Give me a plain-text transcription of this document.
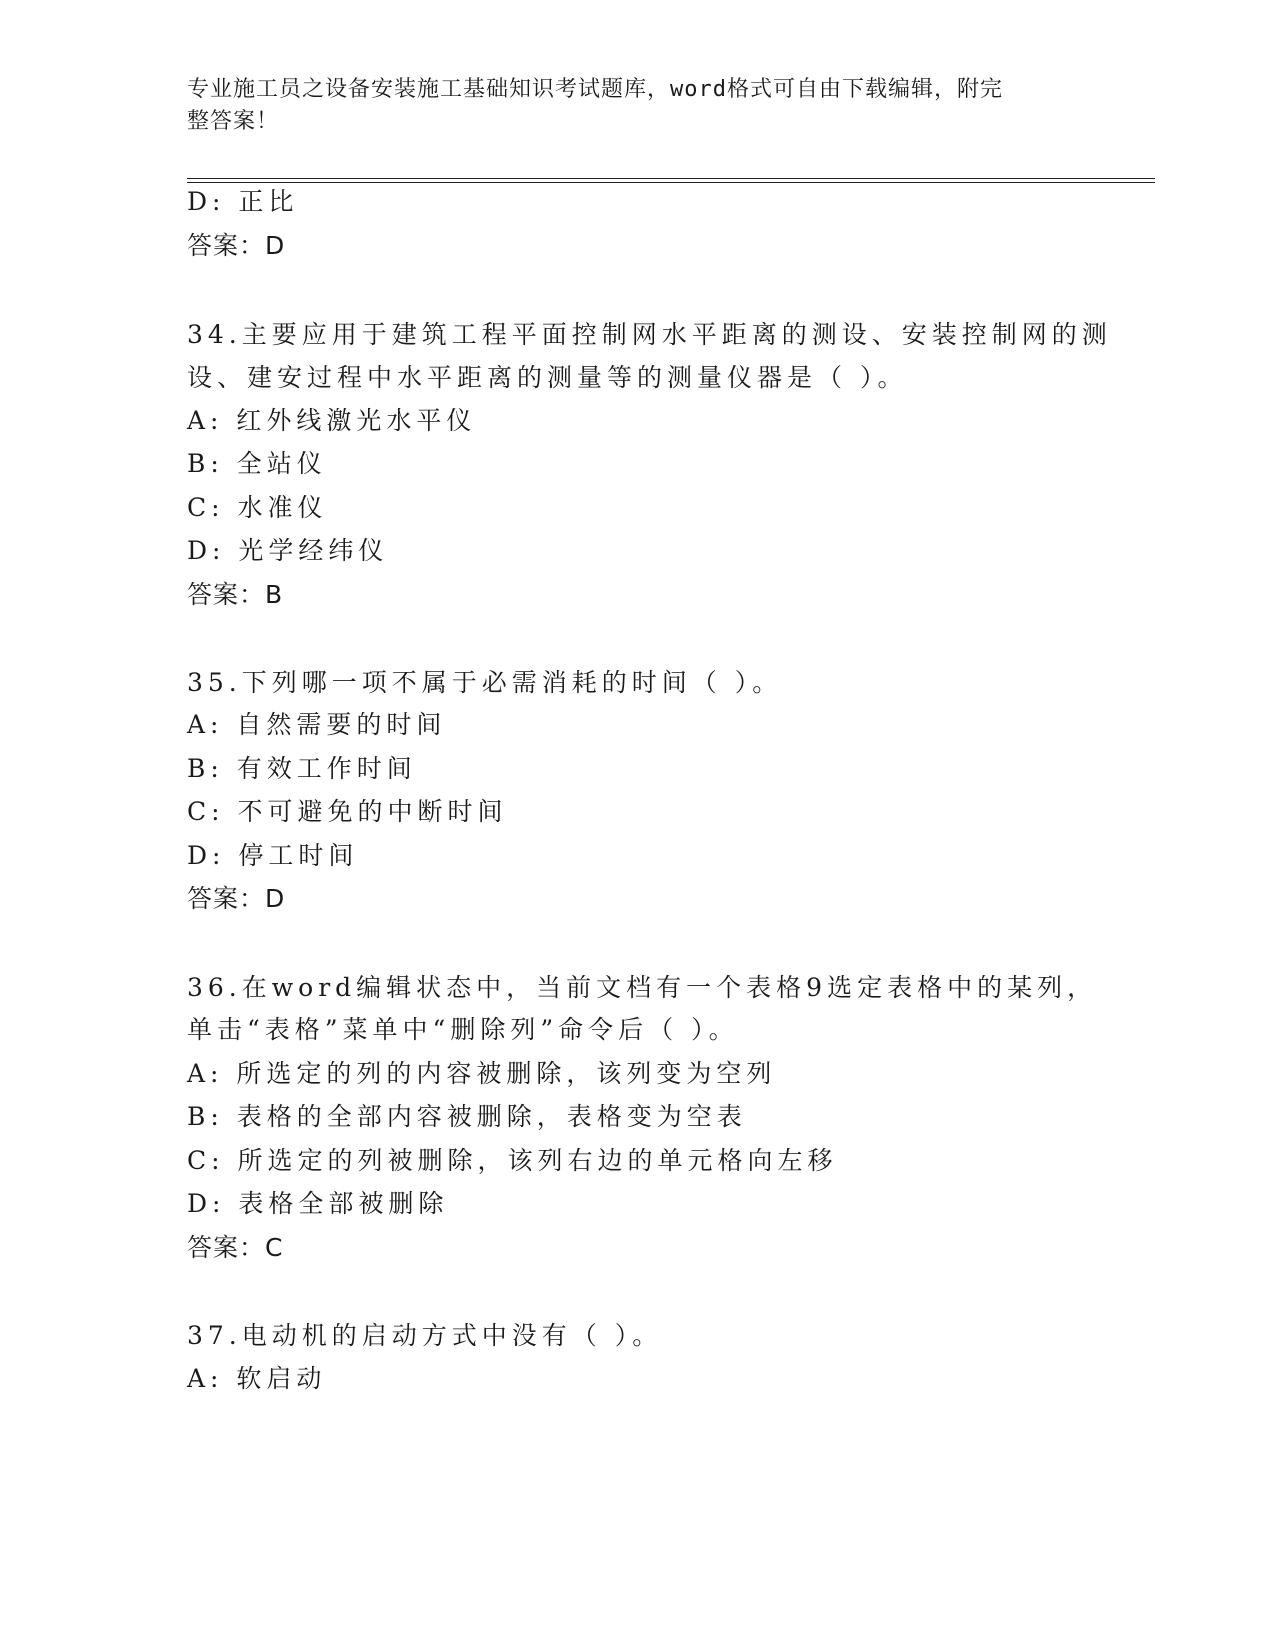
专业施工员之设备安装施工基础知识考试题库，word格式可自由下载编辑，附完
整答案！
D: 正比
答案：D
34.主要应用于建筑工程平面控制网水平距离的测设、安装控制网的测
设、建安过程中水平距离的测量等的测量仪器是（ ）。
A: 红外线激光水平仪
B: 全站仪
C: 水准仪
D: 光学经纬仪
答案：B
35.下列哪一项不属于必需消耗的时间（ ）。
A: 自然需要的时间
B: 有效工作时间
C: 不可避免的中断时间
D: 停工时间
答案：D
36.在word编辑状态中，当前文档有一个表格9选定表格中的某列，
单击“表格”菜单中“删除列”命令后（ ）。
A: 所选定的列的内容被删除，该列变为空列
B: 表格的全部内容被删除，表格变为空表
C: 所选定的列被删除，该列右边的单元格向左移
D: 表格全部被删除
答案：C
37.电动机的启动方式中没有（ ）。
A: 软启动
